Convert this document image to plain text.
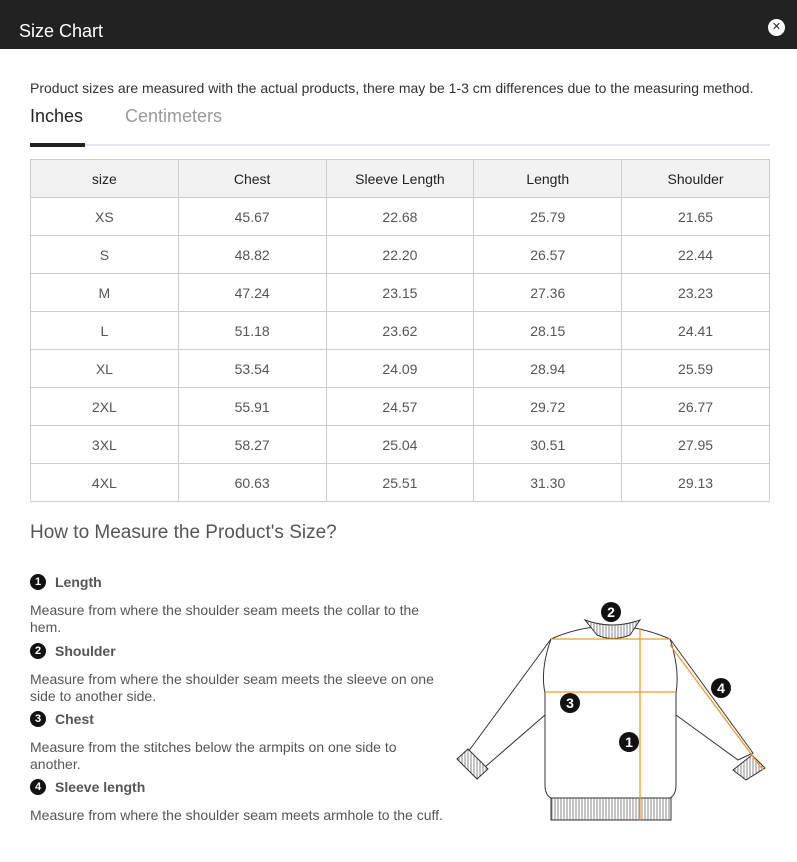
Size Chart	✕
Product sizes are measured with the actual products, there may be 1-3 cm differences due to the measuring method.
Inches Centimeters
size	Chest	Sleeve Length	Length	Shoulder
XS	45.67	22.68	25.79	21.65
S	48.82	22.20	26.57	22.44
M	47.24	23.15	27.36	23.23
L	51.18	23.62	28.15	24.41
XL	53.54	24.09	28.94	25.59
2XL	55.91	24.57	29.72	26.77
3XL	58.27	25.04	30.51	27.95
4XL	60.63	25.51	31.30	29.13
How to Measure the Product's Size?
1 Length
Measure from where the shoulder seam meets the collar to the hem.
2 Shoulder
Measure from where the shoulder seam meets the sleeve on one side to another side.
3 Chest
Measure from the stitches below the armpits on one side to another.
4 Sleeve length
Measure from where the shoulder seam meets armhole to the cuff.
2
3
4
1
